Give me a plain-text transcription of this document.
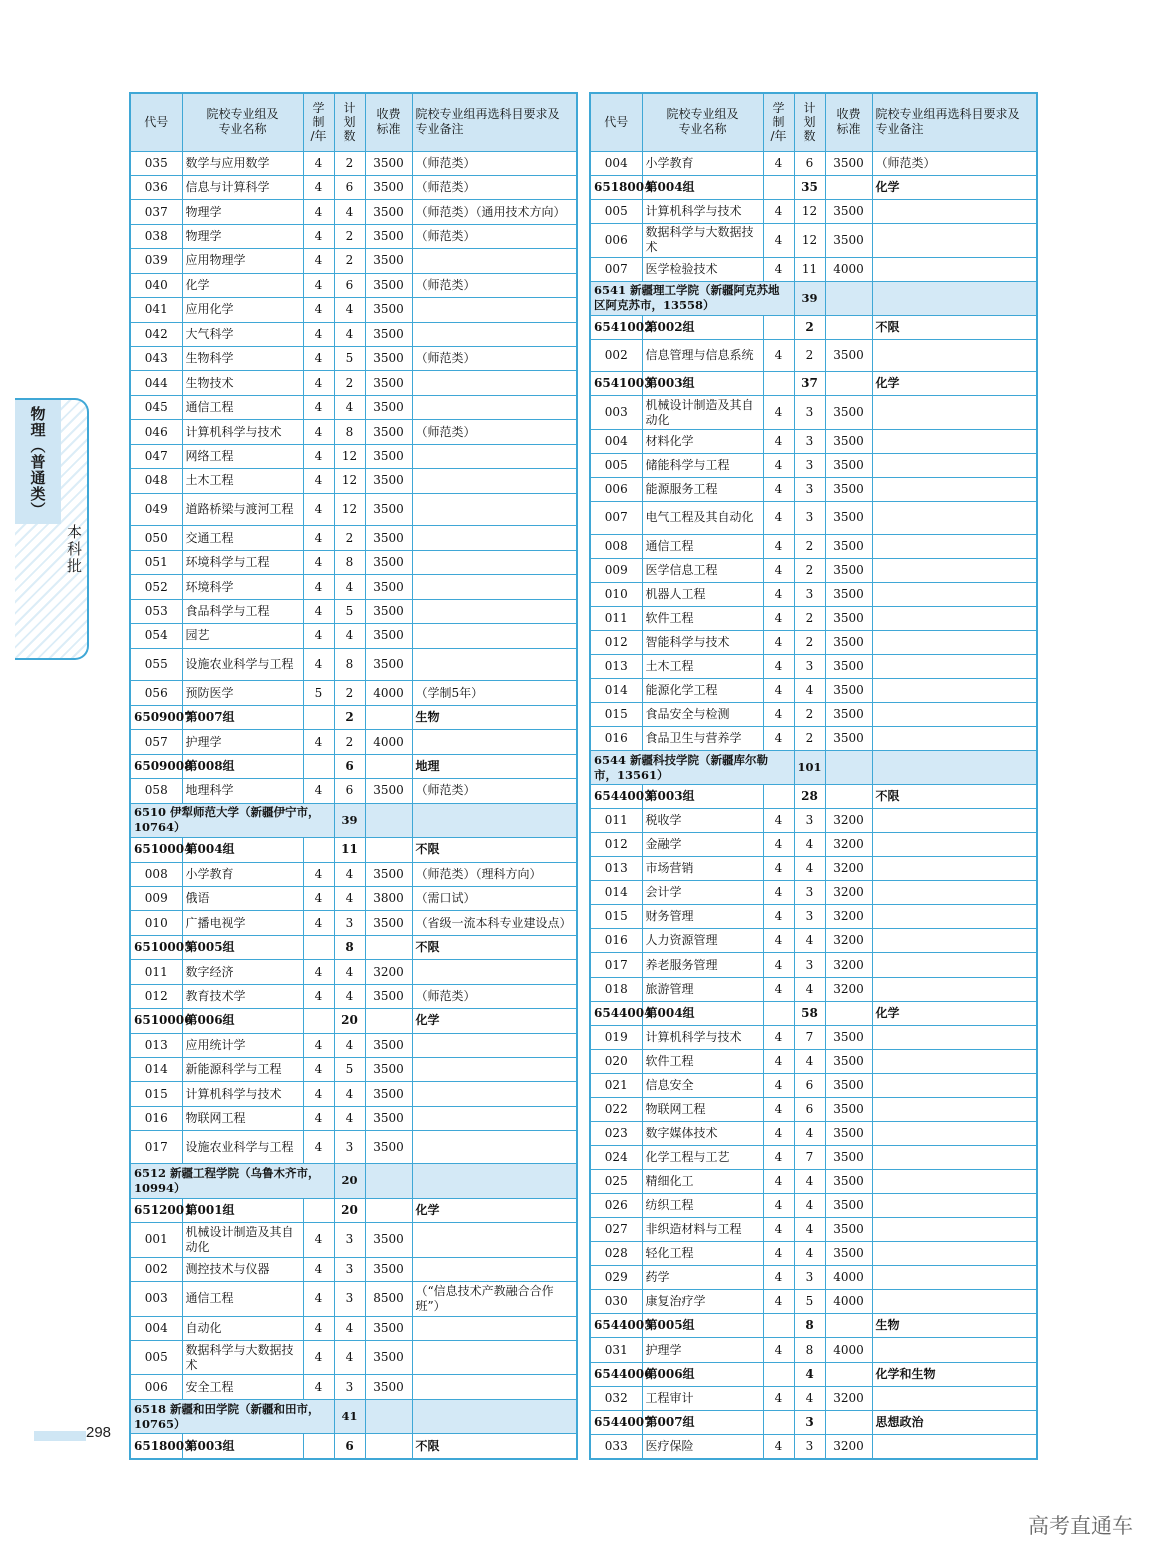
物理（普通类）
本科批
代号	院校专业组及
专业名称	学
制
/年	计
划
数	收费
标准	院校专业组再选科目要求及
专业备注
035	数学与应用数学	4	2	3500	（师范类）
036	信息与计算科学	4	6	3500	（师范类）
037	物理学	4	4	3500	（师范类）（通用技术方向）
038	物理学	4	2	3500	（师范类）
039	应用物理学	4	2	3500	
040	化学	4	6	3500	（师范类）
041	应用化学	4	4	3500	
042	大气科学	4	4	3500	
043	生物科学	4	5	3500	（师范类）
044	生物技术	4	2	3500	
045	通信工程	4	4	3500	
046	计算机科学与技术	4	8	3500	（师范类）
047	网络工程	4	12	3500	
048	土木工程	4	12	3500	
049	道路桥梁与渡河工程	4	12	3500	
050	交通工程	4	2	3500	
051	环境科学与工程	4	8	3500	
052	环境科学	4	4	3500	
053	食品科学与工程	4	5	3500	
054	园艺	4	4	3500	
055	设施农业科学与工程	4	8	3500	
056	预防医学	5	2	4000	（学制5年）
6509007	第007组		2		生物
057	护理学	4	2	4000	
6509008	第008组		6		地理
058	地理科学	4	6	3500	（师范类）
6510 伊犁师范大学（新疆伊宁市，10764）			39		
6510004	第004组		11		不限
008	小学教育	4	4	3500	（师范类）（理科方向）
009	俄语	4	4	3800	（需口试）
010	广播电视学	4	3	3500	（省级一流本科专业建设点）
6510005	第005组		8		不限
011	数字经济	4	4	3200	
012	教育技术学	4	4	3500	（师范类）
6510006	第006组		20		化学
013	应用统计学	4	4	3500	
014	新能源科学与工程	4	5	3500	
015	计算机科学与技术	4	4	3500	
016	物联网工程	4	4	3500	
017	设施农业科学与工程	4	3	3500	
6512 新疆工程学院（乌鲁木齐市，10994）			20		
6512001	第001组		20		化学
001	机械设计制造及其自动化	4	3	3500	
002	测控技术与仪器	4	3	3500	
003	通信工程	4	3	8500	（“信息技术产教融合合作班”）
004	自动化	4	4	3500	
005	数据科学与大数据技术	4	4	3500	
006	安全工程	4	3	3500	
6518 新疆和田学院（新疆和田市，10765）			41		
6518003	第003组		6		不限
代号	院校专业组及
专业名称	学
制
/年	计
划
数	收费
标准	院校专业组再选科目要求及
专业备注
004	小学教育	4	6	3500	（师范类）
6518004	第004组		35		化学
005	计算机科学与技术	4	12	3500	
006	数据科学与大数据技术	4	12	3500	
007	医学检验技术	4	11	4000	
6541 新疆理工学院（新疆阿克苏地区阿克苏市，13558）			39		
6541002	第002组		2		不限
002	信息管理与信息系统	4	2	3500	
6541003	第003组		37		化学
003	机械设计制造及其自动化	4	3	3500	
004	材料化学	4	3	3500	
005	储能科学与工程	4	3	3500	
006	能源服务工程	4	3	3500	
007	电气工程及其自动化	4	3	3500	
008	通信工程	4	2	3500	
009	医学信息工程	4	2	3500	
010	机器人工程	4	3	3500	
011	软件工程	4	2	3500	
012	智能科学与技术	4	2	3500	
013	土木工程	4	3	3500	
014	能源化学工程	4	4	3500	
015	食品安全与检测	4	2	3500	
016	食品卫生与营养学	4	2	3500	
6544 新疆科技学院（新疆库尔勒市，13561）			101		
6544003	第003组		28		不限
011	税收学	4	3	3200	
012	金融学	4	4	3200	
013	市场营销	4	4	3200	
014	会计学	4	3	3200	
015	财务管理	4	3	3200	
016	人力资源管理	4	4	3200	
017	养老服务管理	4	3	3200	
018	旅游管理	4	4	3200	
6544004	第004组		58		化学
019	计算机科学与技术	4	7	3500	
020	软件工程	4	4	3500	
021	信息安全	4	6	3500	
022	物联网工程	4	6	3500	
023	数字媒体技术	4	4	3500	
024	化学工程与工艺	4	7	3500	
025	精细化工	4	4	3500	
026	纺织工程	4	4	3500	
027	非织造材料与工程	4	4	3500	
028	轻化工程	4	4	3500	
029	药学	4	3	4000	
030	康复治疗学	4	5	4000	
6544005	第005组		8		生物
031	护理学	4	8	4000	
6544006	第006组		4		化学和生物
032	工程审计	4	4	3200	
6544007	第007组		3		思想政治
033	医疗保险	4	3	3200	
298
高考直通车
